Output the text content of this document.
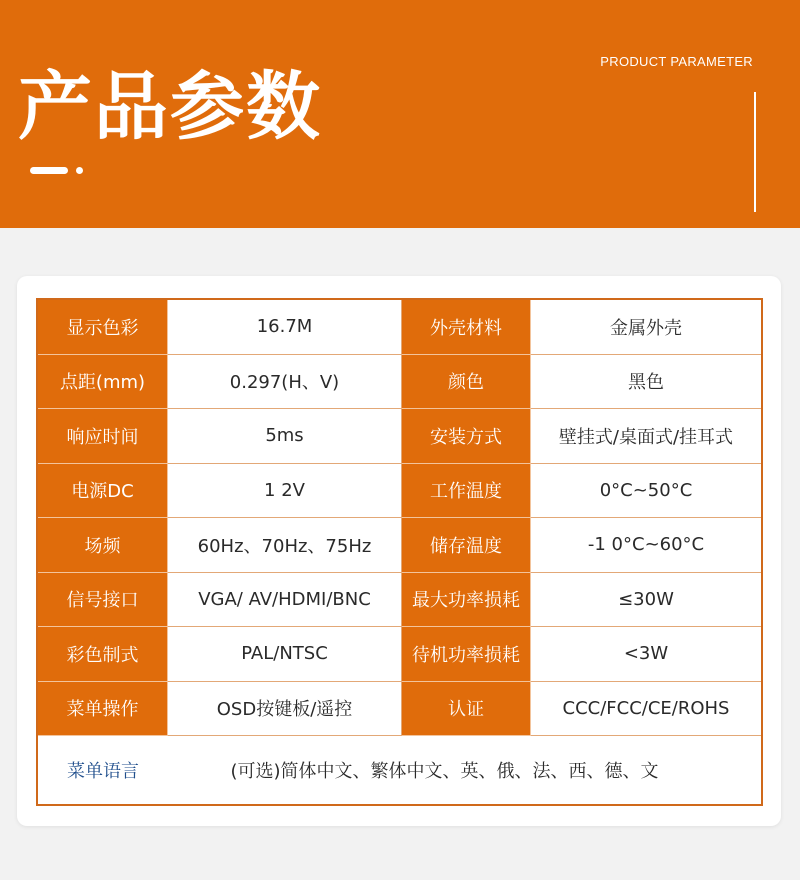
产品参数
PRODUCT PARAMETER
显示色彩	16.7M	外壳材料	金属外壳
点距(mm)	0.297(H、V)	颜色	黑色
响应时间	5ms	安装方式	壁挂式/桌面式/挂耳式
电源DC	1 2V	工作温度	0°C~50°C
场频	60Hz、70Hz、75Hz	储存温度	-1 0°C~60°C
信号接口	VGA/ AV/HDMI/BNC	最大功率损耗	≤30W
彩色制式	PAL/NTSC	待机功率损耗	<3W
菜单操作	OSD按键板/遥控	认证	CCC/FCC/CE/ROHS
菜单语言	(可选)简体中文、繁体中文、英、俄、法、西、德、文
